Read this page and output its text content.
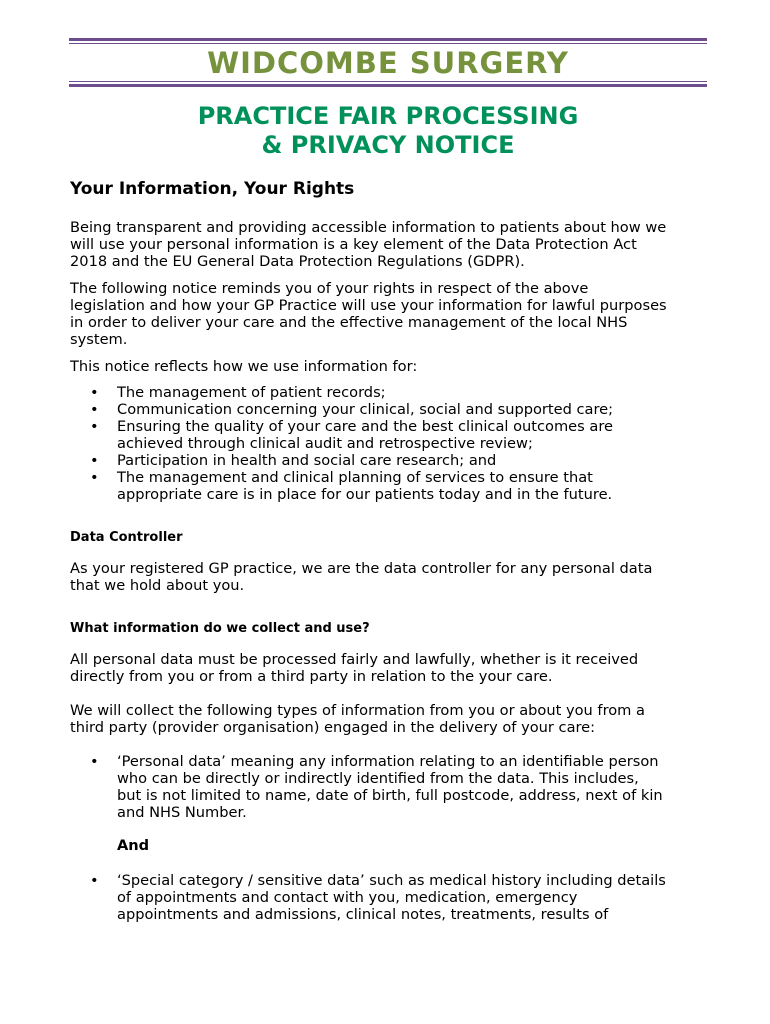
WIDCOMBE SURGERY
PRACTICE FAIR PROCESSING
& PRIVACY NOTICE
Your Information, Your Rights
Being transparent and providing accessible information to patients about how we
will use your personal information is a key element of the Data Protection Act
2018 and the EU General Data Protection Regulations (GDPR).
The following notice reminds you of your rights in respect of the above
legislation and how your GP Practice will use your information for lawful purposes
in order to deliver your care and the effective management of the local NHS
system.
This notice reflects how we use information for:
• The management of patient records;
• Communication concerning your clinical, social and supported care;
• Ensuring the quality of your care and the best clinical outcomes are
achieved through clinical audit and retrospective review;
• Participation in health and social care research; and
• The management and clinical planning of services to ensure that
appropriate care is in place for our patients today and in the future.
Data Controller
As your registered GP practice, we are the data controller for any personal data
that we hold about you.
What information do we collect and use?
All personal data must be processed fairly and lawfully, whether is it received
directly from you or from a third party in relation to the your care.
We will collect the following types of information from you or about you from a
third party (provider organisation) engaged in the delivery of your care:
• ‘Personal data’ meaning any information relating to an identifiable person
who can be directly or indirectly identified from the data. This includes,
but is not limited to name, date of birth, full postcode, address, next of kin
and NHS Number.
And
• ‘Special category / sensitive data’ such as medical history including details
of appointments and contact with you, medication, emergency
appointments and admissions, clinical notes, treatments, results of
